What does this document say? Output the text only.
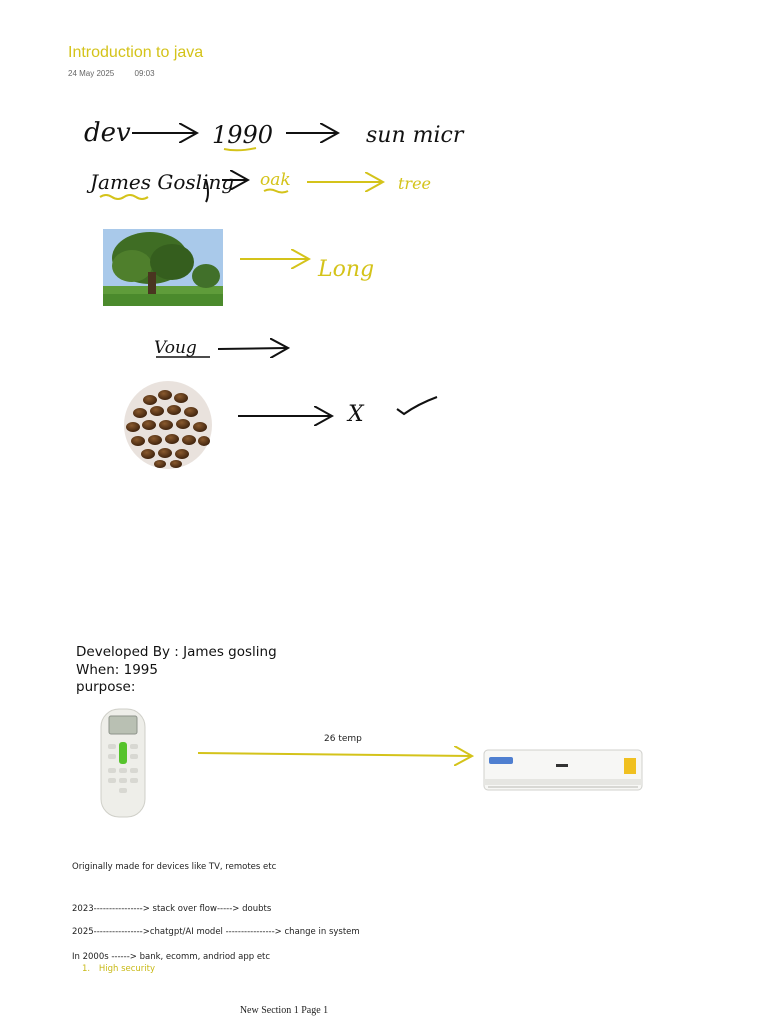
Introduction to java
24 May 2025	09:03
dev	1990	sun micr
James Gosling oak	tree
Long
Voug
X
Developed By : James gosling
When: 1995
purpose:
26 temp
Originally made for devices like TV, remotes etc
2023----------------> stack over flow-----> doubts
2025---------------->chatgpt/AI model ----------------> change in system
In 2000s ------> bank, ecomm, andriod app etc
1. High security
New Section 1 Page 1
